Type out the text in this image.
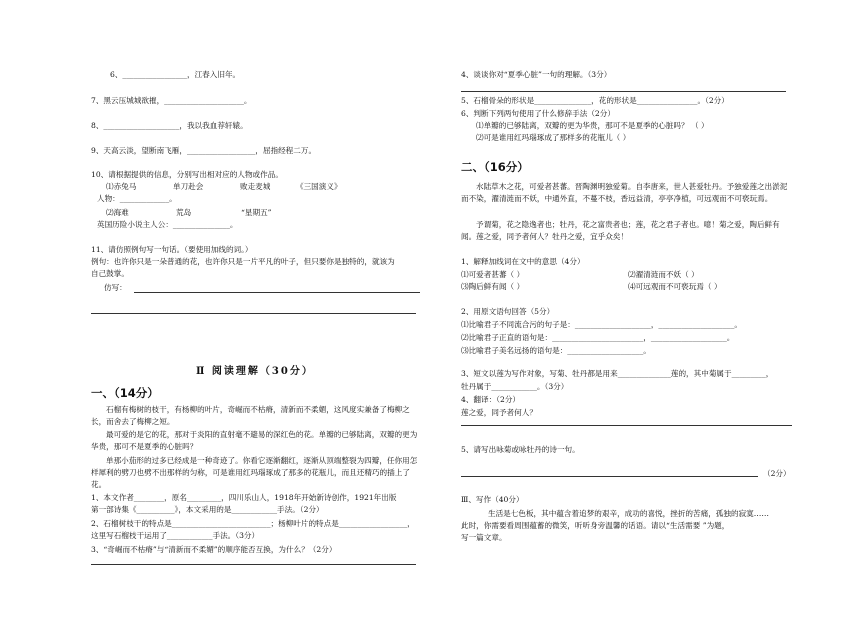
6、_________________，江春入旧年。
7、黑云压城城欲摧，_____________________。
8、____________________，我以我血荐轩辕。
9、天高云淡，望断南飞雁，__________________，屈指经程二万。
10、请根据提供的信息，分别写出相对应的人物或作品。
⑴赤兔马	单刀赴会	败走麦城	《三国演义》
人物：_____________。
⑵海难	荒岛	“星期五”
英国历险小说主人公：_______________。
11、请仿照例句写一句话。（要使用加线的词。）
例句：也许你只是一朵普通的花，也许你只是一片平凡的叶子，但只要你是独特的，就该为
自己鼓掌。
仿写：
Ⅱ 阅读理解（30分）
一、（14分）
石榴有梅树的枝干，有杨柳的叶片，奇崛而不枯瘠，清新而不柔媚，这风度实兼备了梅柳之长，而舍去了梅柳之短。
最可爱的是它的花，那对于炎阳的直射毫不避易的深红色的花。单瓣的已够陆离，双瓣的更为华贵，那可不是夏季的心脏吗？
单那小茄形的过多已经成是一种奇迹了。你看它逐渐翻红，逐渐从顶端整裂为四瓣，任你用怎样犀利的劈刀也劈不出那样的匀称，可是谁用红玛瑙琢成了那多的花瓶儿，而且还精巧的插上了花。
1、本文作者________，原名_________，四川乐山人，1918年开始新诗创作，1921年出版
第一部诗集《__________》，本文采用的是____________手法。（2分）
2、石榴树枝干的特点是__________________________；杨柳叶片的特点是__________________，
这里写石榴枝干运用了____________手法。（3分）
3、“奇崛而不枯瘠”与“清新而不柔媚”的顺序能否互换，为什么？（2分）
4、谈谈你对“夏季心脏”一句的理解。（3分）
5、石榴骨朵的形状是_______________，花的形状是________________。（2分）
6、判断下列两句使用了什么修辞手法（2分）
⑴单瓣的已够陆离，双瓣的更为华贵，那可不是夏季的心脏吗？ （ ）
⑵可是谁用红玛瑙琢成了那样多的花瓶儿（ ）
二、（16分）
水陆草木之花，可爱者甚蕃。晋陶渊明独爱菊。自李唐来，世人甚爱牡丹。予独爱莲之出淤泥而不染，濯清涟而不妖，中通外直，不蔓不枝，香远益清，亭亭净植，可远观而不可亵玩焉。
予谓菊，花之隐逸者也；牡丹，花之富贵者也；莲，花之君子者也。噫！菊之爱，陶后鲜有闻。莲之爱，同予者何人？牡丹之爱，宜乎众矣！
1、解释加线词在文中的意思（4分）
⑴可爱者甚蕃（ ）	⑵濯清涟而不妖（ ）
⑶陶后鲜有闻（ ）	⑷可远观而不可亵玩焉（ ）
2、用原文语句回答（5分）
⑴比喻君子不同流合污的句子是：____________________，____________________。
⑵比喻君子正直的语句是：________________________，____________________。
⑶比喻君子美名远扬的语句是：____________________。
3、短文以莲为写作对象，写菊、牡丹都是用来______________莲的，其中菊属于_________，
牡丹属于____________。（3分）
4、翻译：（2分）
莲之爱，同予者何人？
5、请写出咏菊或咏牡丹的诗一句。
（2分）
Ⅲ、写作（40分）
生活是七色板，其中蕴含着追梦的艰辛，成功的喜悦，挫折的苦痛，孤独的寂寞……
此时，你需要看周围蕴蓄的微笑，听听身旁温馨的话语。请以“生活需要 ”为题，
写一篇文章。
